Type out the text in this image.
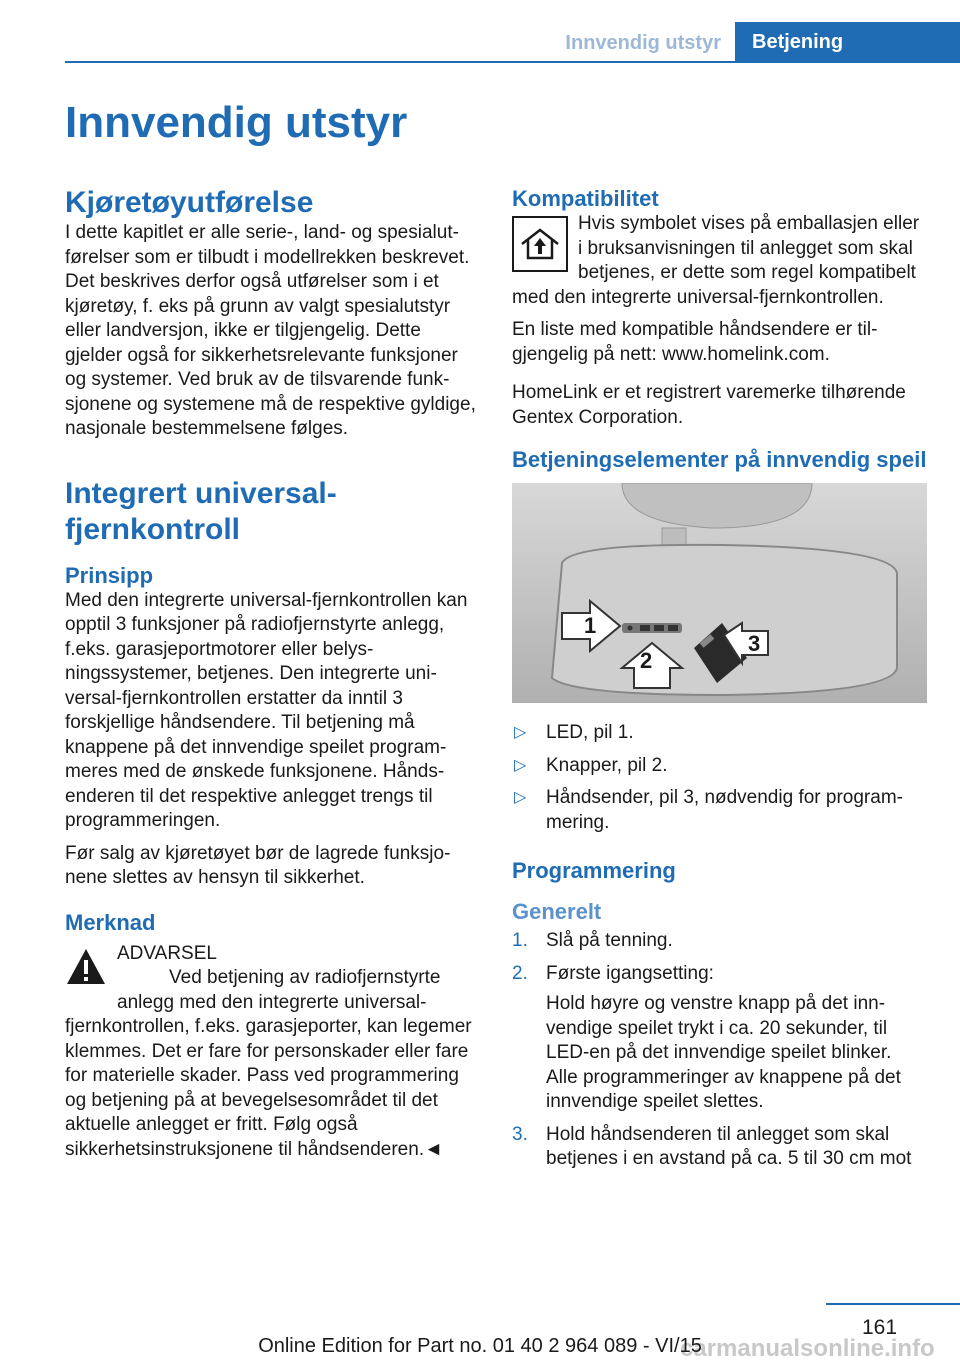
Innvendig utstyr	Betjening
Innvendig utstyr
Kjøretøyutførelse

I dette kapitlet er alle serie-, land- og spesialutførelser som er tilbudt i modellrekken beskrevet. Det beskrives derfor også utførelser som i et kjøretøy, f. eks på grunn av valgt spesialutstyr eller landversjon, ikke er tilgjengelig. Dette gjelder også for sikkerhetsrelevante funksjoner og systemer. Ved bruk av de tilsvarende funksjonene og systemene må de respektive gyldige, nasjonale bestemmelsene følges.

Integrert universalfjernkontroll
Prinsipp

Med den integrerte universal-fjernkontrollen kan opptil 3 funksjoner på radiofjernstyrte anlegg, f.eks. garasjeportmotorer eller belysningssystemer, betjenes. Den integrerte universal-fjernkontrollen erstatter da inntil 3 forskjellige håndsendere. Til betjening må knappene på det innvendige speilet programmeres med de ønskede funksjonene. Håndsenderen til det respektive anlegget trengs til programmeringen.

Før salg av kjøretøyet bør de lagrede funksjonene slettes av hensyn til sikkerhet.

Merknad
ADVARSEL

Ved betjening av radiofjernstyrte anlegg med den integrerte universal-fjernkontrollen, f.eks. garasjeporter, kan legemer klemmes. Det er fare for personskader eller fare for materielle skader. Pass ved programmering og betjening på at bevegelsesområdet til det aktuelle anlegget er fritt. Følg også sikkerhetsinstruksjonene til håndsenderen.◄

Kompatibilitet

Hvis symbolet vises på emballasjen eller i bruksanvisningen til anlegget som skal betjenes, er dette som regel kompatibelt med den integrerte universal-fjernkontrollen.

En liste med kompatible håndsendere er tilgjengelig på nett: www.homelink.com.

HomeLink er et registrert varemerke tilhørende Gentex Corporation.

Betjeningselementer på innvendig speil
1
2
3
▷ LED, pil 1.
▷ Knapper, pil 2.
▷ Håndsender, pil 3, nødvendig for programmering.
Programmering
Generelt
1. Slå på tenning.
2. Første igangsetting:
Hold høyre og venstre knapp på det innvendige speilet trykt i ca. 20 sekunder, til LED-en på det innvendige speilet blinker. Alle programmeringer av knappene på det innvendige speilet slettes.
3. Hold håndsenderen til anlegget som skal betjenes i en avstand på ca. 5 til 30 cm mot
161
carmanualsonline.info
Online Edition for Part no. 01 40 2 964 089 - VI/15
